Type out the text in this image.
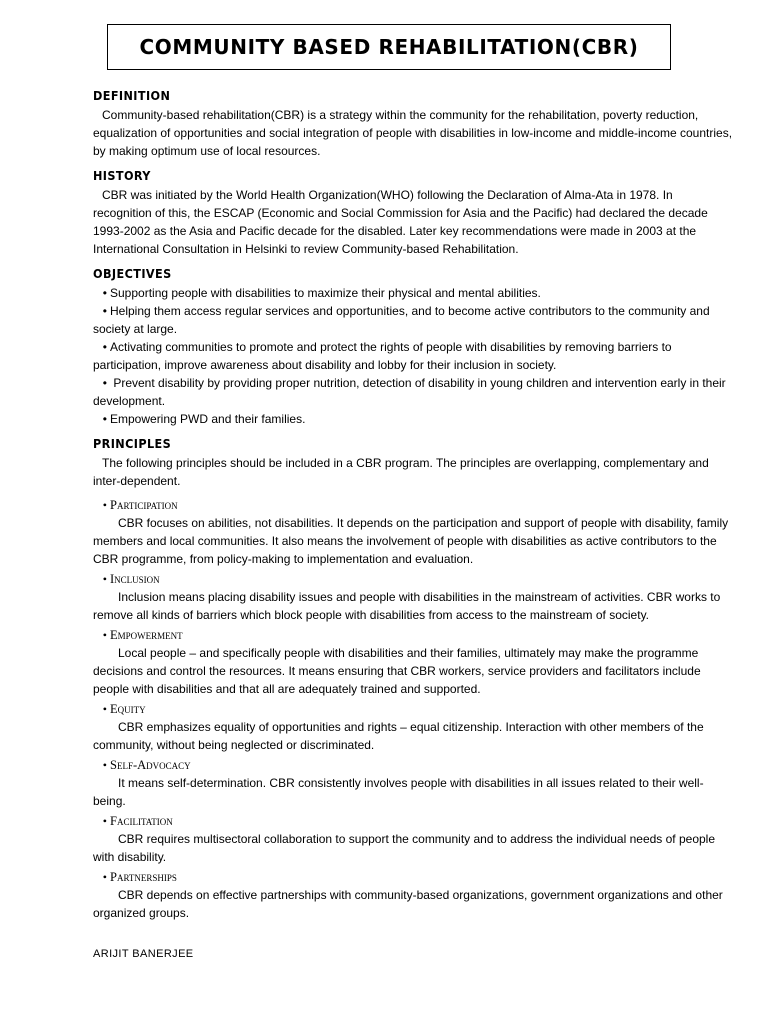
COMMUNITY BASED REHABILITATION(CBR)
DEFINITION

Community-based rehabilitation(CBR) is a strategy within the community for the rehabilitation, poverty reduction, equalization of opportunities and social integration of people with disabilities in low-income and middle-income countries, by making optimum use of local resources.

HISTORY

CBR was initiated by the World Health Organization(WHO) following the Declaration of Alma-Ata in 1978. In recognition of this, the ESCAP (Economic and Social Commission for Asia and the Pacific) had declared the decade 1993-2002 as the Asia and Pacific decade for the disabled. Later key recommendations were made in 2003 at the International Consultation in Helsinki to review Community-based Rehabilitation.

OBJECTIVES
• Supporting people with disabilities to maximize their physical and mental abilities.
• Helping them access regular services and opportunities, and to become active contributors to the community and society at large.
• Activating communities to promote and protect the rights of people with disabilities by removing barriers to participation, improve awareness about disability and lobby for their inclusion in society.
• Prevent disability by providing proper nutrition, detection of disability in young children and intervention early in their development.
• Empowering PWD and their families.
PRINCIPLES

The following principles should be included in a CBR program. The principles are overlapping, complementary and inter-dependent.

• Participation

CBR focuses on abilities, not disabilities. It depends on the participation and support of people with disability, family members and local communities. It also means the involvement of people with disabilities as active contributors to the CBR programme, from policy-making to implementation and evaluation.

• Inclusion

Inclusion means placing disability issues and people with disabilities in the mainstream of activities. CBR works to remove all kinds of barriers which block people with disabilities from access to the mainstream of society.

• Empowerment

Local people – and specifically people with disabilities and their families, ultimately may make the programme decisions and control the resources. It means ensuring that CBR workers, service providers and facilitators include people with disabilities and that all are adequately trained and supported.

• Equity

CBR emphasizes equality of opportunities and rights – equal citizenship. Interaction with other members of the community, without being neglected or discriminated.

• Self-Advocacy

It means self-determination. CBR consistently involves people with disabilities in all issues related to their well-being.

• Facilitation

CBR requires multisectoral collaboration to support the community and to address the individual needs of people with disability.

• Partnerships

CBR depends on effective partnerships with community-based organizations, government organizations and other organized groups.

ARIJIT BANERJEE
